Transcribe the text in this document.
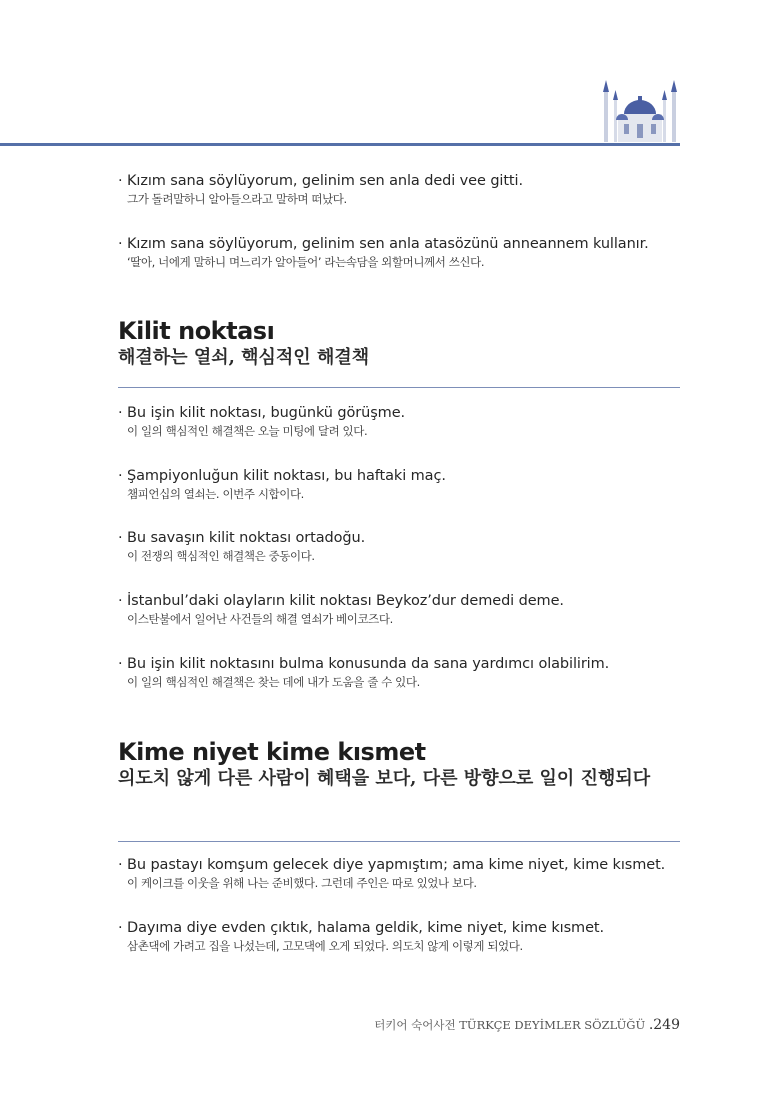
· Kızım sana söylüyorum, gelinim sen anla dedi vee gitti.
그가 돌려말하니 알아들으라고 말하며 떠났다.
· Kızım sana söylüyorum, gelinim sen anla atasözünü anneannem kullanır.
‘딸아, 너에게 말하니 며느리가 알아들어’ 라는속담을 외할머니께서 쓰신다.
Kilit noktası
해결하는 열쇠, 핵심적인 해결책
· Bu işin kilit noktası, bugünkü görüşme.
이 일의 핵심적인 해결책은 오늘 미팅에 달려 있다.
· Şampiyonluğun kilit noktası, bu haftaki maç.
챔피언십의 열쇠는. 이번주 시합이다.
· Bu savaşın kilit noktası ortadoğu.
이 전쟁의 핵심적인 해결책은 중동이다.
· İstanbul’daki olayların kilit noktası Beykoz’dur demedi deme.
이스탄불에서 일어난 사건들의 해결 열쇠가 베이코즈다.
· Bu işin kilit noktasını bulma konusunda da sana yardımcı olabilirim.
이 일의 핵심적인 해결책은 찾는 데에 내가 도움을 줄 수 있다.
Kime niyet kime kısmet
의도치 않게 다른 사람이 혜택을 보다, 다른 방향으로 일이 진행되다
· Bu pastayı komşum gelecek diye yapmıştım; ama kime niyet, kime kısmet.
이 케이크를 이웃을 위해 나는 준비했다. 그런데 주인은 따로 있었나 보다.
· Dayıma diye evden çıktık, halama geldik, kime niyet, kime kısmet.
삼촌댁에 가려고 집을 나섰는데, 고모댁에 오게 되었다. 의도치 않게 이렇게 되었다.
터키어 숙어사전 TÜRKÇE DEYİMLER SÖZLÜĞÜ .249
